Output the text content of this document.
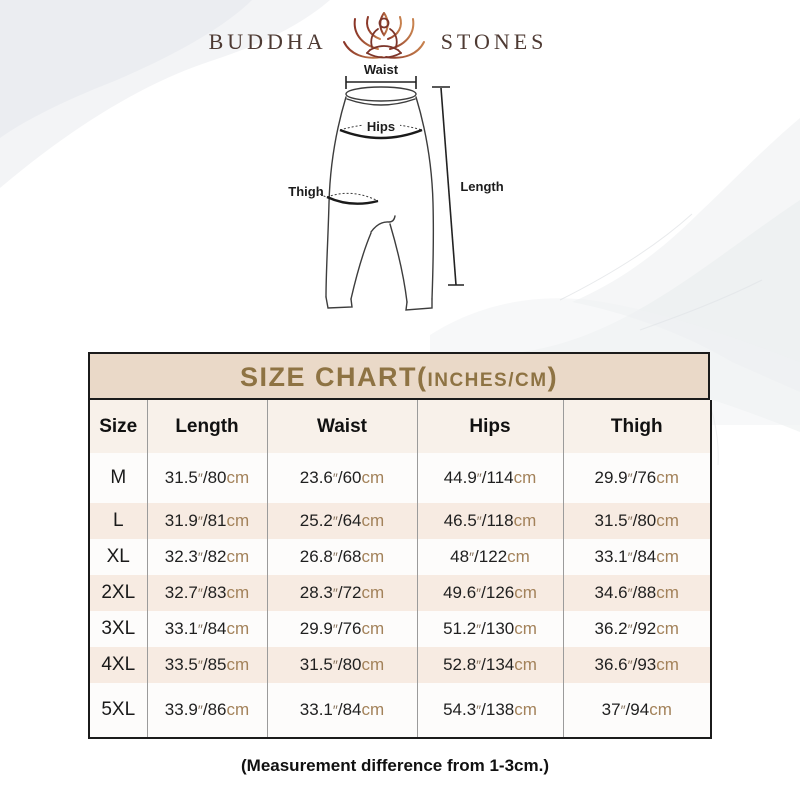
BUDDHA	STONES
Waist
Hips
Thigh	Length
SIZE CHART( INCHES/CM )
Size	Length	Waist	Hips	Thigh
M	31.5″/80cm	23.6″/60cm	44.9″/114cm	29.9″/76cm
L	31.9″/81cm	25.2″/64cm	46.5″/118cm	31.5″/80cm
XL	32.3″/82cm	26.8″/68cm	48″/122cm	33.1″/84cm
2XL	32.7″/83cm	28.3″/72cm	49.6″/126cm	34.6″/88cm
3XL	33.1″/84cm	29.9″/76cm	51.2″/130cm	36.2″/92cm
4XL	33.5″/85cm	31.5″/80cm	52.8″/134cm	36.6″/93cm
5XL	33.9″/86cm	33.1″/84cm	54.3″/138cm	37″/94cm
(Measurement difference from 1-3cm.)
